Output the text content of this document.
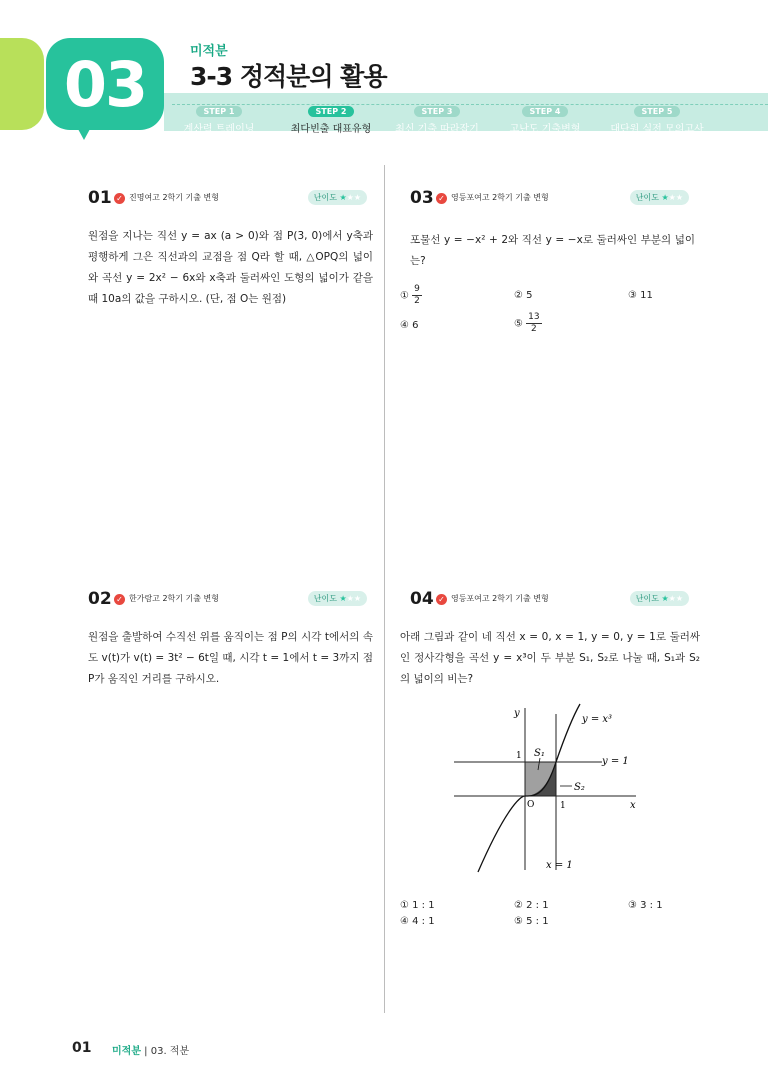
03	미적분
3-3 정적분의 활용
STEP 1
계산력 트레이닝
STEP 2
최다빈출 대표유형
STEP 3
최신 기출 따라잡기
STEP 4
고난도 기출변형
STEP 5
대단원 실전 모의고사
01 ✓ 진명여고 2학기 기출 변형	난이도 ★★★
원점을 지나는 직선 y = ax (a > 0)와 점 P(3, 0)에서 y축과 평행하게 그은 직선과의 교점을 점 Q라 할 때, △OPQ의 넓이와 곡선 y = 2x² − 6x와 x축과 둘러싸인 도형의 넓이가 같을 때 10a의 값을 구하시오. (단, 점 O는 원점)
02 ✓ 한가람고 2학기 기출 변형	난이도 ★★★
원점을 출발하여 수직선 위를 움직이는 점 P의 시각 t에서의 속도 v(t)가 v(t) = 3t² − 6t일 때, 시각 t = 1에서 t = 3까지 점 P가 움직인 거리를 구하시오.
03 ✓ 영등포여고 2학기 기출 변형	난이도 ★★★
포물선 y = −x² + 2와 직선 y = −x로 둘러싸인 부분의 넓이는?
① $\frac{9}{2}$	② 5	③ 11
④ 6	⑤ $\frac{13}{2}$
04 ✓ 영등포여고 2학기 기출 변형	난이도 ★★★
아래 그림과 같이 네 직선 x = 0, x = 1, y = 0, y = 1로 둘러싸인 정사각형을 곡선 y = x³이 두 부분 S₁, S₂로 나눌 때, S₁과 S₂의 넓이의 비는?
y
x
O
1
1
S₁
S₂
y = x³
y = 1
x = 1
① 1 : 1	② 2 : 1	③ 3 : 1
④ 4 : 1	⑤ 5 : 1
01 미적분 | 03. 적분
